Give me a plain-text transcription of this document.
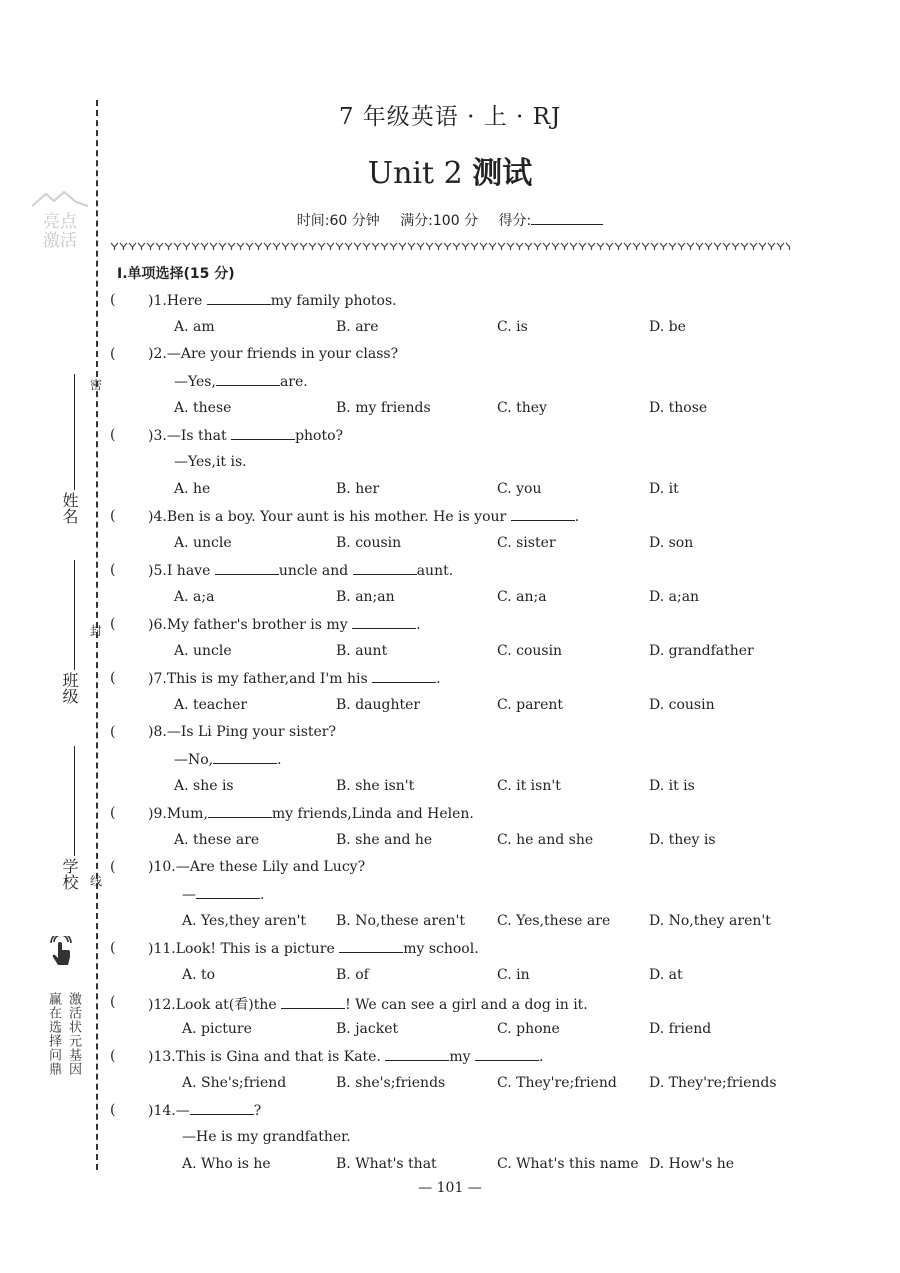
亮点激活
姓名
班级
学校
密
封
线
激活状元基因
赢在选择问鼎
7 年级英语 · 上 · RJ
Unit 2 测试
时间:60 分钟 满分:100 分 得分:
Ⅰ.单项选择(15 分)
( )1.Here	my family photos.
A. am	B. are	C. is	D. be
( )2.—Are your friends in your class?
—Yes,	are.
A. these	B. my friends	C. they	D. those
( )3.—Is that	photo?
—Yes,it is.
A. he	B. her	C. you	D. it
( )4.Ben is a boy. Your aunt is his mother. He is your	.
A. uncle	B. cousin	C. sister	D. son
( )5.I have	uncle and	aunt.
A. a;a	B. an;an	C. an;a	D. a;an
( )6.My father's brother is my	.
A. uncle	B. aunt	C. cousin	D. grandfather
( )7.This is my father,and I'm his	.
A. teacher	B. daughter	C. parent	D. cousin
( )8.—Is Li Ping your sister?
—No,	.
A. she is	B. she isn't	C. it isn't	D. it is
( )9.Mum,	my friends,Linda and Helen.
A. these are	B. she and he	C. he and she	D. they is
( )10.—Are these Lily and Lucy?
—	.
A. Yes,they aren't B. No,these aren't C. Yes,these are	D. No,they aren't
( )11.Look! This is a picture	my school.
A. to	B. of	C. in	D. at
( )12.Look at(看)the	! We can see a girl and a dog in it.
A. picture	B. jacket	C. phone	D. friend
( )13.This is Gina and that is Kate.	my	.
A. She's;friend	B. she's;friends	C. They're;friend D. They're;friends
( )14.—	?
—He is my grandfather.
A. Who is he	B. What's that	C. What's this name D. How's he
— 101 —
